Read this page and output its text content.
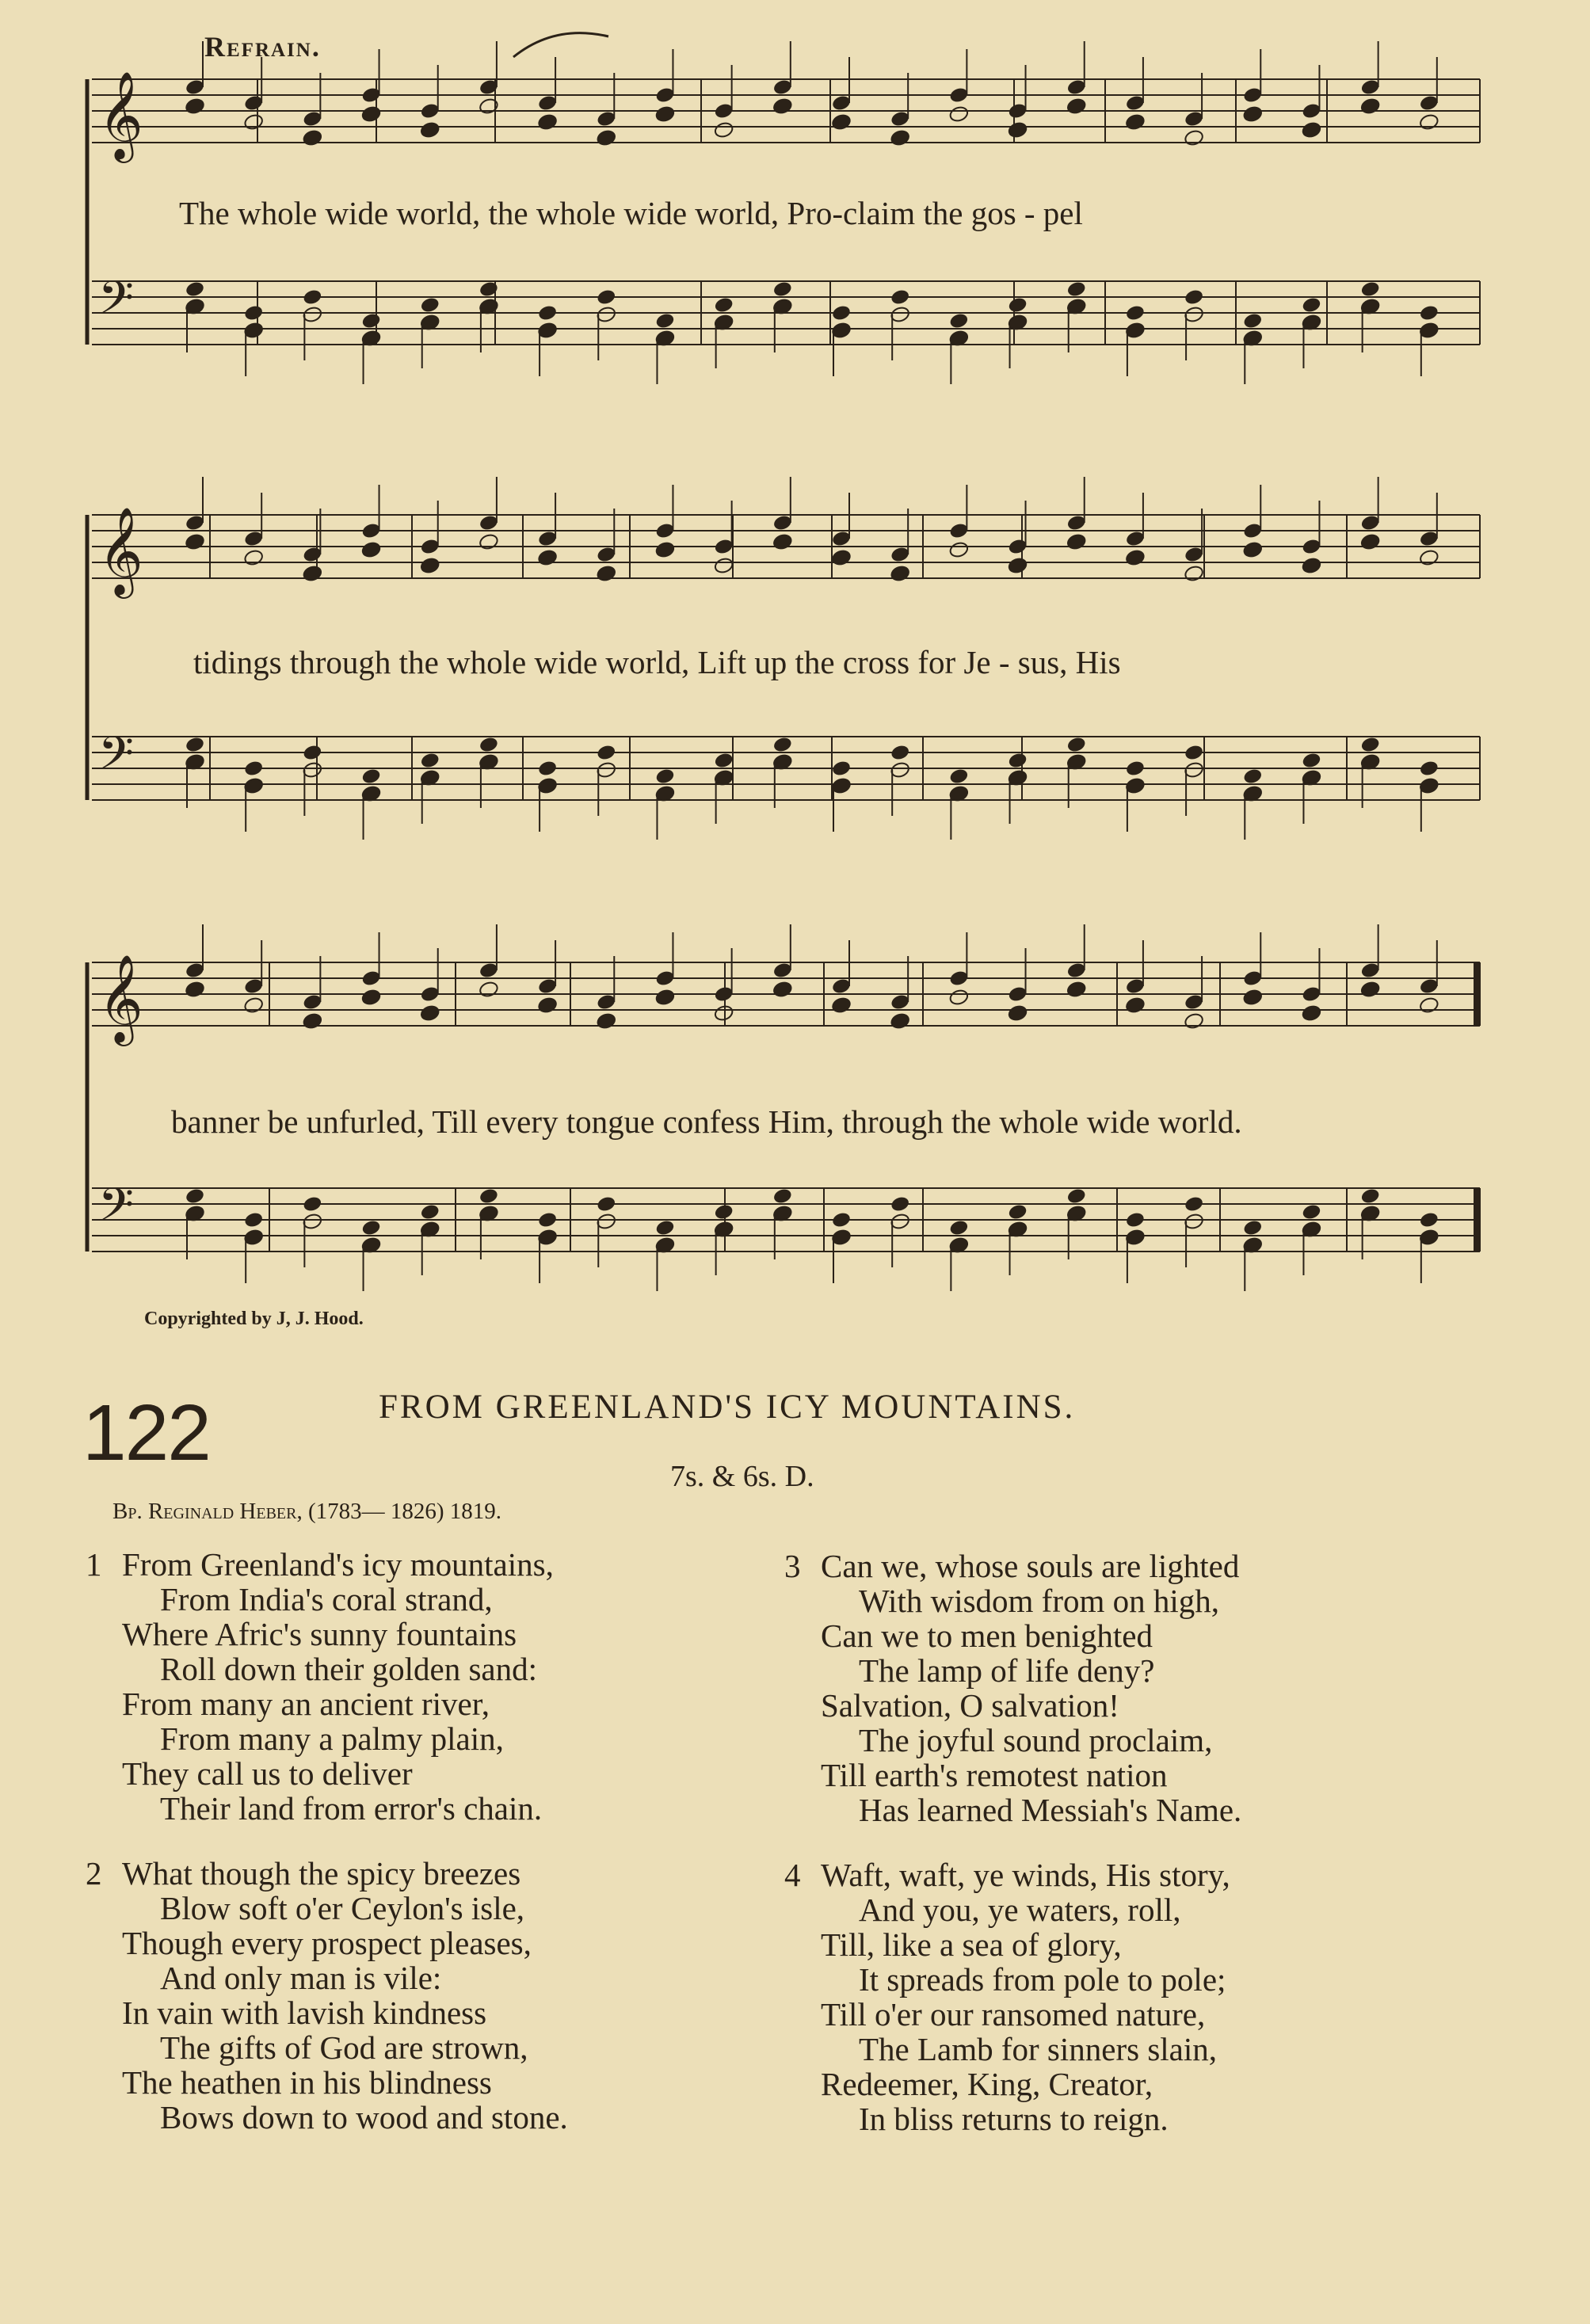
𝄞
𝄢
𝄞
𝄢
𝄞
𝄢
Refrain.
The whole wide world, the whole wide world, Pro-claim the gos - pel
tidings through the whole wide world, Lift up the cross for Je - sus, His
banner be unfurled, Till every tongue confess Him, through the whole wide world.
Copyrighted by J, J. Hood.
122	FROM GREENLAND'S ICY MOUNTAINS.
7s. & 6s. D.
Bp. Reginald Heber, (1783— 1826) 1819.
1 From Greenland's icy mountains,
From India's coral strand,
Where Afric's sunny fountains
Roll down their golden sand:
From many an ancient river,
From many a palmy plain,
They call us to deliver
Their land from error's chain.
2 What though the spicy breezes
Blow soft o'er Ceylon's isle,
Though every prospect pleases,
And only man is vile:
In vain with lavish kindness
The gifts of God are strown,
The heathen in his blindness
Bows down to wood and stone.
3 Can we, whose souls are lighted
With wisdom from on high,
Can we to men benighted
The lamp of life deny?
Salvation, O salvation!
The joyful sound proclaim,
Till earth's remotest nation
Has learned Messiah's Name.
4 Waft, waft, ye winds, His story,
And you, ye waters, roll,
Till, like a sea of glory,
It spreads from pole to pole;
Till o'er our ransomed nature,
The Lamb for sinners slain,
Redeemer, King, Creator,
In bliss returns to reign.
